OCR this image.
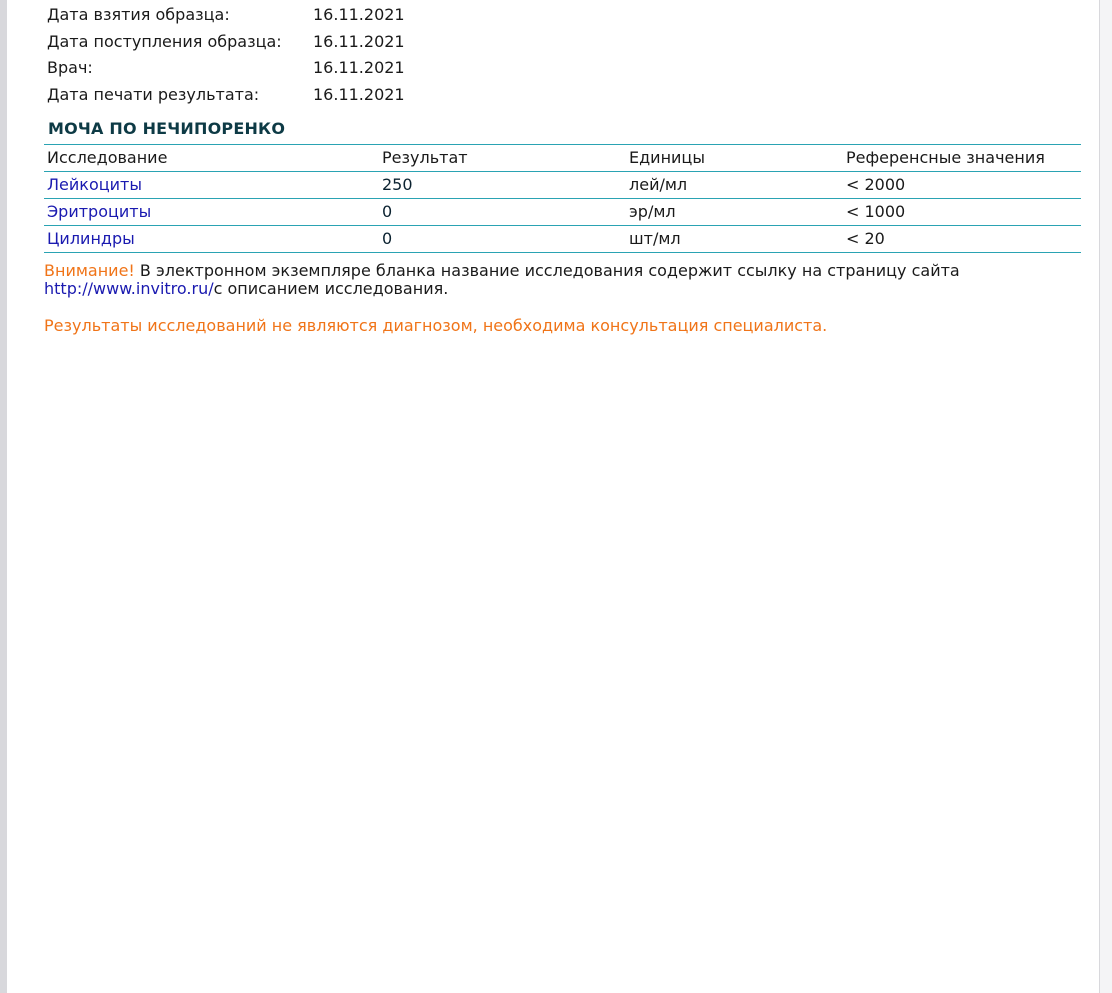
Дата взятия образца:	16.11.2021
Дата поступления образца:	16.11.2021
Врач:	16.11.2021
Дата печати результата:	16.11.2021
МОЧА ПО НЕЧИПОРЕНКО
Исследование	Результат	Единицы	Референсные значения
Лейкоциты	250	лей/мл	< 2000
Эритроциты	0	эр/мл	< 1000
Цилиндры	0	шт/мл	< 20
Внимание! В электронном экземпляре бланка название исследования содержит ссылку на страницу сайта
http://www.invitro.ru/с описанием исследования.
Результаты исследований не являются диагнозом, необходима консультация специалиста.
